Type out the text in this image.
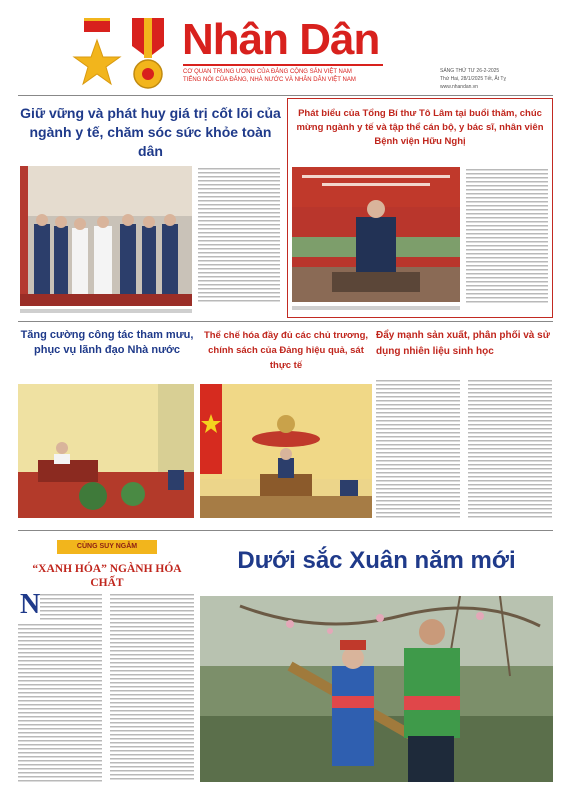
Nhân Dân
CƠ QUAN TRUNG ƯƠNG CỦA ĐẢNG CỘNG SẢN VIỆT NAM
TIẾNG NÓI CỦA ĐẢNG, NHÀ NƯỚC VÀ NHÂN DÂN VIỆT NAM
SÁNG THỨ TƯ 26-2-2025
Thứ Hai, 28/1/2025 Tết, Ất Tỵ
www.nhandan.vn
Giữ vững và phát huy giá trị cốt lõi của ngành y tế, chăm sóc sức khỏe toàn dân
Phát biểu của Tổng Bí thư Tô Lâm tại buổi thăm, chúc mừng ngành y tế và tập thể cán bộ, y bác sĩ, nhân viên Bệnh viện Hữu Nghị
Tăng cường công tác tham mưu, phục vụ lãnh đạo Nhà nước
Thể chế hóa đầy đủ các chủ trương, chính sách của Đảng hiệu quả, sát thực tế
Đẩy mạnh sản xuất, phân phối và sử dụng nhiên liệu sinh học
CÙNG SUY NGẪM
“XANH HÓA” NGÀNH HÓA CHẤT
N
Dưới sắc Xuân năm mới
